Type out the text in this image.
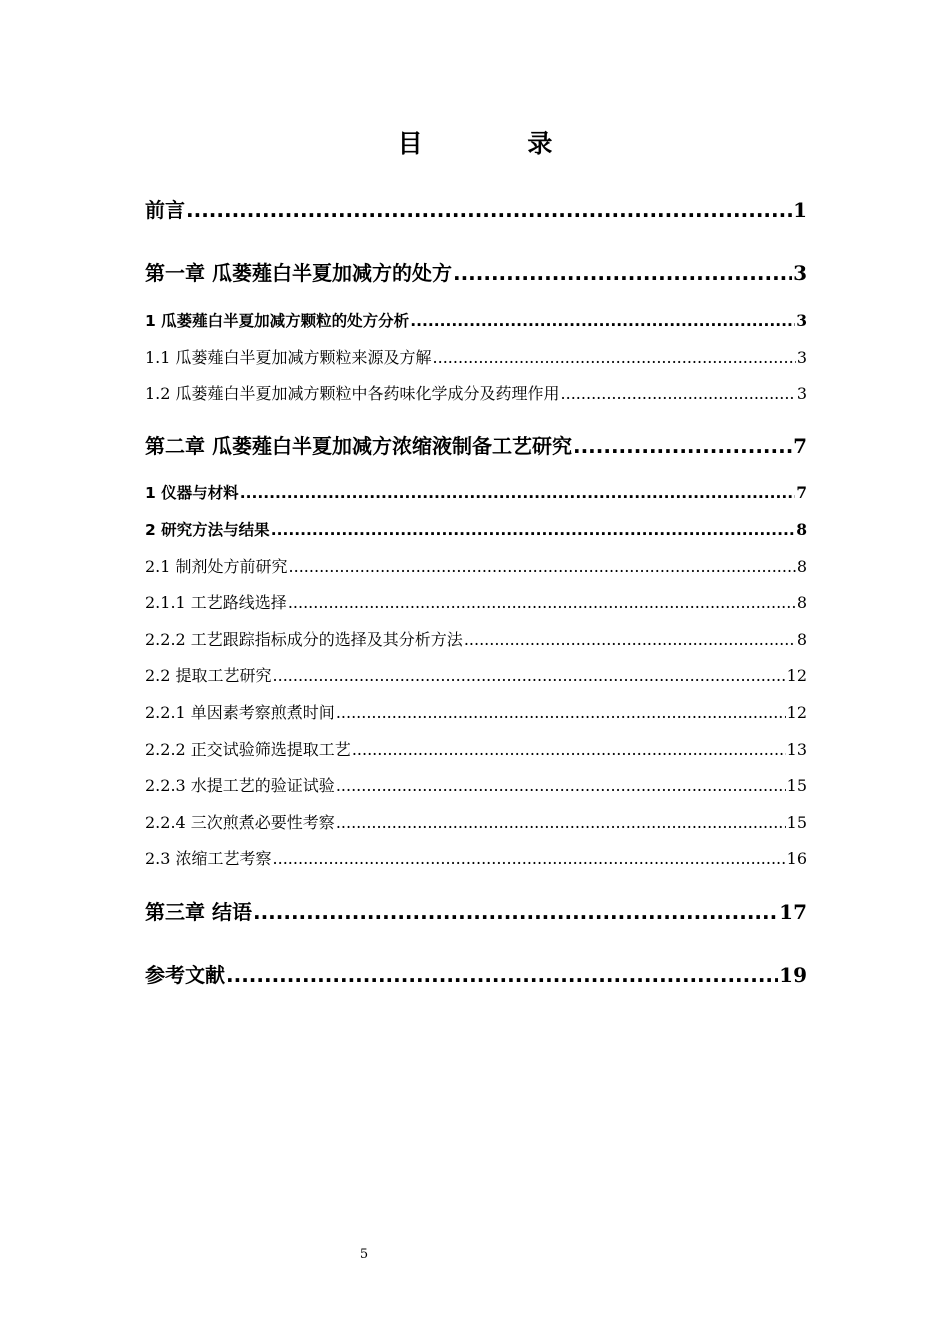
目 录
前言 .....	1
第一章 瓜蒌薤白半夏加减方的处方 .....	3
1 瓜蒌薤白半夏加减方颗粒的处方分析 .....	3
1.1 瓜蒌薤白半夏加减方颗粒来源及方解 .....	3
1.2 瓜蒌薤白半夏加减方颗粒中各药味化学成分及药理作用 .....	3
第二章 瓜蒌薤白半夏加减方浓缩液制备工艺研究 .....	7
1 仪器与材料 .....	7
2 研究方法与结果 .....	8
2.1 制剂处方前研究 .....	8
2.1.1 工艺路线选择 .....	8
2.2.2 工艺跟踪指标成分的选择及其分析方法 .....	8
2.2 提取工艺研究 .....	12
2.2.1 单因素考察煎煮时间 .....	12
2.2.2 正交试验筛选提取工艺 .....	13
2.2.3 水提工艺的验证试验 .....	15
2.2.4 三次煎煮必要性考察 .....	15
2.3 浓缩工艺考察 .....	16
第三章 结语 .....	17
参考文献 .....	19
5
